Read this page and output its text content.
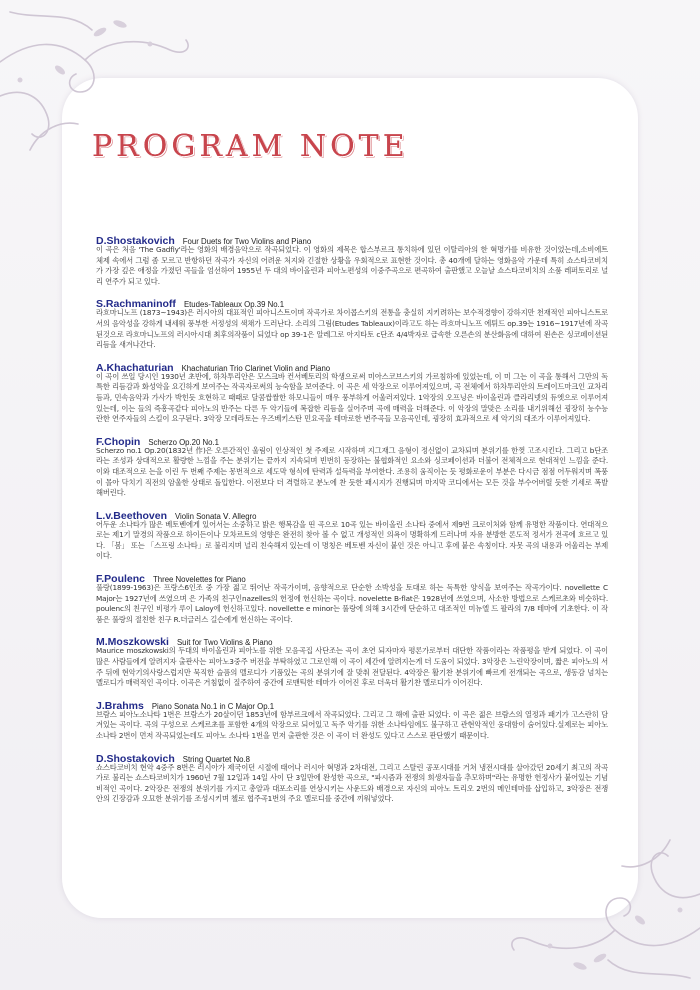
PROGRAM NOTE
D.Shostakovich Four Duets for Two Violins and Piano

이 곡은 처음 'The Gadfly'라는 영화의 배경음악으로 작곡되었다. 이 영화의 제목은 합스부르크 통치하에 있던 이탈리아의 한 혁명가를 비유한 것이었는데,소비에트 체제 속에서 그럼 좀 모르고 반항하던 작곡가 자신의 어려운 처지와 긴절한 상황을 우회적으로 표현한 것이다. 총 40개에 달하는 영화음악 가운데 특히 쇼스타코비치가 가장 깊은 애정을 가졌던 곡들을 엄선하여 1955년 두 대의 바이올린과 피아노편성의 이중주곡으로 편곡하여 출판했고 오늘날 쇼스타코비치의 소품 레퍼토리로 널리 연주가 되고 있다.

S.Rachmaninoff Etudes-Tableaux Op.39 No.1

라흐마니노프 (1873~1943)은 러시아의 대표적인 피아니스트이며 작곡가로 차이콥스키의 전통을 충실히 지키려하는 보수적경향이 강하지만 천재적인 피아니스트로서의 음악성을 강하게 내세워 풍부한 서정성의 색채가 드러난다. 소리의 그림(Etudes Tableaux)이라고도 하는 라흐마니노프 에튀드 op.39는 1916~1917년에 작곡된것으로 라흐마니노프의 러시아시대 최후의작품이 되었다 op 39-1은 알레그로 아지타토 c단조 4/4박자로 급속한 오른손의 분산화음에 대하여 왼손은 싱코페이션된 리듬을 새겨나간다.

A.Khachaturian Khachaturian Trio Clarinet Violin and Piano

이 곡이 쓰일 당시인 1930년 초반에, 하차투리안은 모스크바 컨서베토리의 학생으로써 미아스코브스키의 가르침하에 있었는데, 이 미 그는 이 곡을 통해서 그만의 독특한 리듬감과 화성악을 요긴하게 보여주는 작곡자로써의 능숙함을 보여준다. 이 곡은 세 악장으로 이루어져있으며, 곡 전체에서 하차투리안의 트레이드마크인 교차리듬과, 민속음악과 가사가 박힌듯 흐현하고 때때로 달콤쌉쌀한 하모니들이 매우 풍부하게 어울러져있다. 1악장의 오프닝은 바이올린과 클라리넷의 듀엣으로 이루어져있는데, 이는 들의 즉흥곡같다 피아노의 반주는 다른 두 악기들에 복잡한 리듬을 실어주며 곡에 매력을 더해준다. 이 악장의 말맞은 소리를 내기위해선 굉장히 능수능란한 연주자들의 스킬이 요구된다. 3악장 모데라토는 우즈베키스탄 민요곡을 테마로한 변주곡들 모음곡인데, 굉장히 효과적으로 세 악기의 대조가 이루어져있다.

F.Chopin Scherzo Op.20 No.1

Scherzo no.1 Op.20(1832년 作)은 오른간적인 울림이 인상적인 첫 주제로 시작하며 지그재그 음형이 정신없이 교차되며 분위기를 한껏 고조시킨다. 그리고 b단조라는 조성과 상대적으로 활량한 느낌을 주는 분위기는 끝까지 지속되며 빈번히 등장하는 불협화적인 요소와 싱코페이션과 더불어 전체적으로 현대적인 느낌을 준다. 이와 대조적으로 는을 이린 두 번째 주제는 몽번적으로 세도막 형식에 탄력과 설득력을 부여한다. 조용히 움직이는 듯 평화로운이 부분은 다시금 점점 어두워지며 폭풍이 몰아 닥치기 직전의 암울한 상태로 돌입한다. 이전보다 더 격렬하고 분노에 찬 듯한 패시지가 진행되며 마지막 코디에서는 모든 것을 부수어버릴 듯한 기세로 폭발해버린다.

L.v.Beethoven Violin Sonata Ⅴ. Allegro

어두운 소나타가 많은 베토벤에게 있어서는 소중하고 밝은 행복감을 띤 곡으로 10곡 있는 바이올린 소나타 중에서 제9번 크로이처와 함께 유명한 작품이다. 연대적으로는 제1기 말경의 작품으로 하이든이나 모차르트의 영향은 완전히 찾아 볼 수 없고 개성적인 의욕이 명확하게 드러나며 자유 분방한 론도적 정서가 전곡에 흐르고 있다. 「봄」 또는 「스프링 소나타」로 불리지며 널리 친숙해져 있는데 이 명칭은 베토벤 자신이 붙인 것은 아니고 후에 붙은 속칭이다. 자못 곡의 내용과 어울리는 부제이다.

F.Poulenc Three Novelettes for Piano

풀랑(1899-1963)은 프랑스6인조 중 가장 젊고 뛰어난 작곡가이며, 음향적으로 단순한 소박성을 토대로 하는 독특한 양식을 보여주는 작곡가이다. novellette C Major는 1927년에 쓰였으며 은 가족의 친구인nazelles의 헌정에 헌신하는 곡이다. novelette B-flat은 1928년에 쓰였으며, 사소한 방법으로 스케르초와 비슷하다. poulenc의 친구인 비평가 루이 Laloy에 헌신하고있다. novellette e minor는 풀랑에 의해 3시간에 단순하고 대조적인 미뉴엘 드 팔라의 7/8 테마에 기초한다. 이 작품은 풀랑의 절친한 친구 R.더글러스 길슨에게 헌신하는 곡이다.

M.Moszkowski Suit for Two Violins & Piano

Maurice moszkowski의 두대의 바이올린과 피아노를 위한 모음곡집 사단조는 곡이 초연 되자마자 평론가로부터 대단한 작품이라는 작품평을 받게 되었다. 이 곡이 많은 사람들에게 알려지자 출판사는 피아노3중주 버전을 부탁하였고 그로인해 이 곡이 세간에 알려지는게 더 도움이 되었다. 3악장은 느린악장이며, 짧은 피아노의 서주 뒤에 현악기의사랑스럽지만 묵직한 슬픔의 멜로디가 기품있는 곡의 분위기에 잘 맞춰 전달된다. 4악장은 활기찬 분위기에 빠르게 전개되는 곡으로, 생동감 넘치는 멜로디가 매력적인 곡이다. 이곡은 거침없이 질주하여 중간에 로맨틱한 테마가 이어진 후로 더욱더 활기찬 멜로디가 이어진다.

J.Brahms Piano Sonata No.1 in C Major Op.1

브람스 피아노소나타 1번은 브람스가 20살이던 1853년에 함부르크에서 작곡되었다. 그리고 그 해에 출판 되었다. 이 곡은 젊은 브람스의 열정과 패기가 고스란히 담겨있는 곡이다. 곡의 구성으로 스케르초를 포함한 4개의 악장으로 되어있고 독주 악기를 위한 소나타임에도 불구하고 관현악적인 웅대함이 숨어있다.실제로는 피아노소나타 2번이 먼저 작곡되었는데도 피아노 소나타 1번을 먼저 출판한 것은 이 곡이 더 완성도 있다고 스스로 판단했기 때문이다.

D.Shostakovich String Quartet No.8

쇼스타코비치 현악 4중주 8번은 러시아가 제국이던 시절에 태어나 러시아 혁명과 2차대전, 그리고 스탈린 공포시대를 거쳐 냉전시대를 살아갔던 20세기 최고의 작곡가로 불리는 쇼스타코비치가 1960년 7월 12일과 14일 사이 단 3일만에 완성한 곡으로, "파시즘과 전쟁의 희생자들을 추모하며"라는 유명한 헌정사가 붙어있는 기념비적인 곡이다. 2악장은 전쟁의 분위기를 가지고 총알과 대포소리를 연상시키는 사운드와 배경으로 자신의 피아노 트리오 2번의 메인테마를 삽입하고, 3악장은 전쟁안의 긴장감과 오묘한 분위기를 조성시키며 첼로 협주곡1번의 주요 멜로디를 중간에 끼워넣었다.
